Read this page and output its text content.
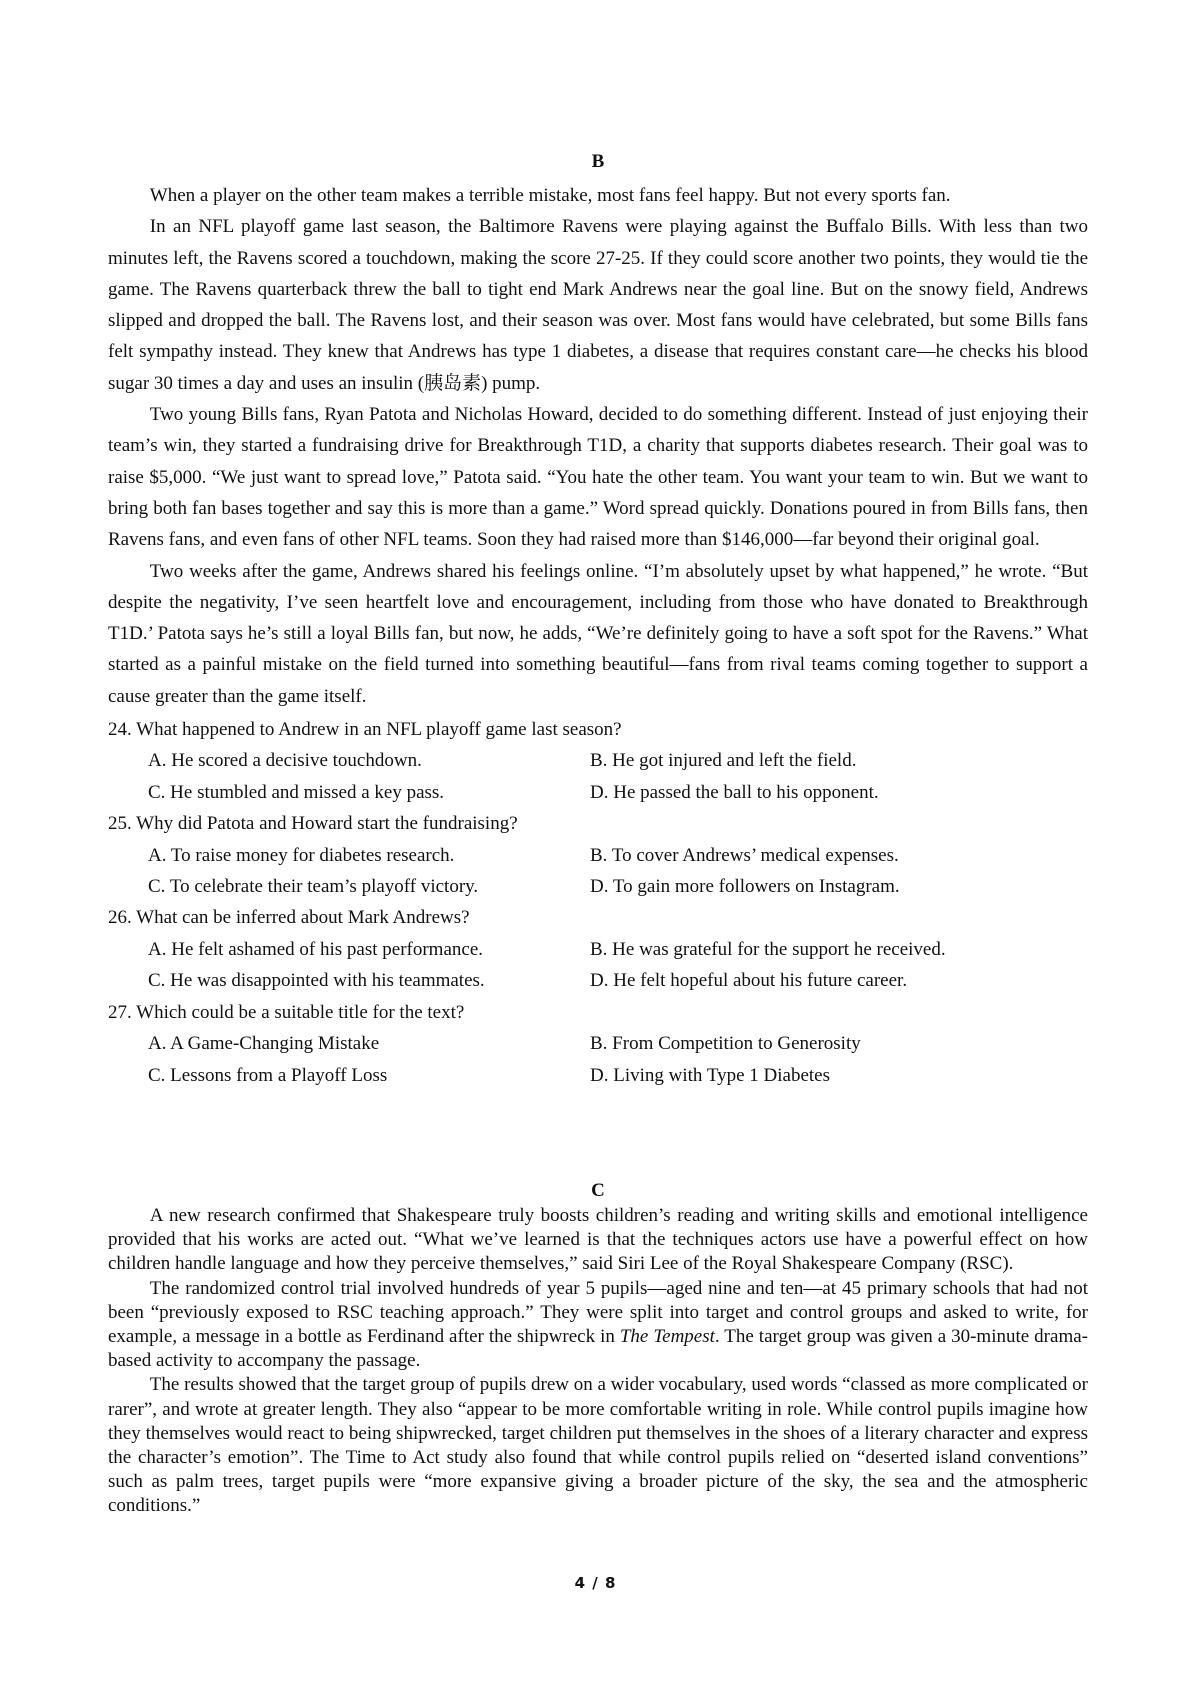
B

When a player on the other team makes a terrible mistake, most fans feel happy. But not every sports fan.

In an NFL playoff game last season, the Baltimore Ravens were playing against the Buffalo Bills. With less than two minutes left, the Ravens scored a touchdown, making the score 27-25. If they could score another two points, they would tie the game. The Ravens quarterback threw the ball to tight end Mark Andrews near the goal line. But on the snowy field, Andrews slipped and dropped the ball. The Ravens lost, and their season was over. Most fans would have celebrated, but some Bills fans felt sympathy instead. They knew that Andrews has type 1 diabetes, a disease that requires constant care—he checks his blood sugar 30 times a day and uses an insulin (胰岛素) pump.

Two young Bills fans, Ryan Patota and Nicholas Howard, decided to do something different. Instead of just enjoying their team’s win, they started a fundraising drive for Breakthrough T1D, a charity that supports diabetes research. Their goal was to raise $5,000. “We just want to spread love,” Patota said. “You hate the other team. You want your team to win. But we want to bring both fan bases together and say this is more than a game.” Word spread quickly. Donations poured in from Bills fans, then Ravens fans, and even fans of other NFL teams. Soon they had raised more than $146,000—far beyond their original goal.

Two weeks after the game, Andrews shared his feelings online. “I’m absolutely upset by what happened,” he wrote. “But despite the negativity, I’ve seen heartfelt love and encouragement, including from those who have donated to Breakthrough T1D.’ Patota says he’s still a loyal Bills fan, but now, he adds, “We’re definitely going to have a soft spot for the Ravens.” What started as a painful mistake on the field turned into something beautiful—fans from rival teams coming together to support a cause greater than the game itself.

24. What happened to Andrew in an NFL playoff game last season?

A. He scored a decisive touchdown.	B. He got injured and left the field.
C. He stumbled and missed a key pass.	D. He passed the ball to his opponent.

25. Why did Patota and Howard start the fundraising?

A. To raise money for diabetes research.	B. To cover Andrews’ medical expenses.
C. To celebrate their team’s playoff victory.	D. To gain more followers on Instagram.

26. What can be inferred about Mark Andrews?

A. He felt ashamed of his past performance.	B. He was grateful for the support he received.
C. He was disappointed with his teammates.	D. He felt hopeful about his future career.

27. Which could be a suitable title for the text?

A. A Game-Changing Mistake	B. From Competition to Generosity
C. Lessons from a Playoff Loss	D. Living with Type 1 Diabetes
C

A new research confirmed that Shakespeare truly boosts children’s reading and writing skills and emotional intelligence provided that his works are acted out. “What we’ve learned is that the techniques actors use have a powerful effect on how children handle language and how they perceive themselves,” said Siri Lee of the Royal Shakespeare Company (RSC).

The randomized control trial involved hundreds of year 5 pupils—aged nine and ten—at 45 primary schools that had not been “previously exposed to RSC teaching approach.” They were split into target and control groups and asked to write, for example, a message in a bottle as Ferdinand after the shipwreck in The Tempest. The target group was given a 30-minute drama-based activity to accompany the passage.

The results showed that the target group of pupils drew on a wider vocabulary, used words “classed as more complicated or rarer”, and wrote at greater length. They also “appear to be more comfortable writing in role. While control pupils imagine how they themselves would react to being shipwrecked, target children put themselves in the shoes of a literary character and express the character’s emotion”. The Time to Act study also found that while control pupils relied on “deserted island conventions” such as palm trees, target pupils were “more expansive giving a broader picture of the sky, the sea and the atmospheric conditions.”

4 / 8
